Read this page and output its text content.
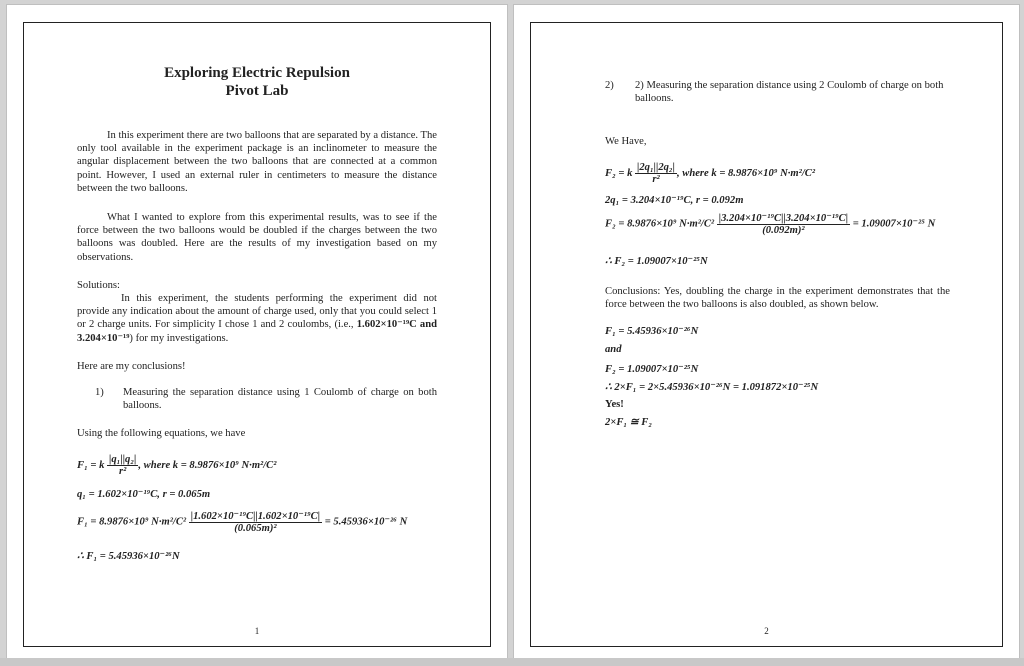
Exploring Electric Repulsion
Pivot Lab
In this experiment there are two balloons that are separated by a distance. The only tool available in the experiment package is an inclinometer to measure the angular displacement between the two balloons that are connected at a common point. However, I used an external ruler in centimeters to measure the distance between the two balloons.
What I wanted to explore from this experimental results, was to see if the force between the two balloons would be doubled if the charges between the two balloons was doubled. Here are the results of my investigation based on my observations.
Solutions:
In this experiment, the students performing the experiment did not provide any indication about the amount of charge used, only that you could select 1 or 2 charge units. For simplicity I chose 1 and 2 coulombs, (i.e., 1.602×10⁻¹⁹C and 3.204×10⁻¹⁹) for my investigations.
Here are my conclusions!
1) Measuring the separation distance using 1 Coulomb of charge on both balloons.
Using the following equations, we have
F₁ = k $\frac{\text{|q₁||q₂|}}{\text{r²}}$ , where k = 8.9876×10⁹ N·m²/C²
q₁ = 1.602×10⁻¹⁹C, r = 0.065m
F₁ = 8.9876×10⁹ $N\cdot m^2/C^2 \frac{\text{|1.602×10⁻¹⁹C||1.602×10⁻¹⁹C|}}{\text{(0.065m)²}} = 5.45936\times 10^{-26}$ N
∴ F₁ = 5.45936×10⁻²⁶N
1
2) 2) Measuring the separation distance using 2 Coulomb of charge on both balloons.
We Have,
F₂ = k $\frac{\text{|2q₁||2q₂|}}{\text{r²}}$ , where k = 8.9876×10⁹ N·m²/C²
2q₁ = 3.204×10⁻¹⁹C, r = 0.092m
F₂ = 8.9876×10⁹ $N\cdot m^2/C^2 \frac{\text{|3.204×10⁻¹⁹C||3.204×10⁻¹⁹C|}}{\text{(0.092m)²}} = 1.09007\times 10^{-25}$ N
∴ F₂ = 1.09007×10⁻²⁵N
Conclusions: Yes, doubling the charge in the experiment demonstrates that the force between the two balloons is also doubled, as shown below.
F₁ = 5.45936×10⁻²⁶N
and
F₂ = 1.09007×10⁻²⁵N
∴ 2×F₁ = 2×5.45936×10⁻²⁶N = 1.091872×10⁻²⁵N
Yes!
2×F₁ ≅ F₂
2
